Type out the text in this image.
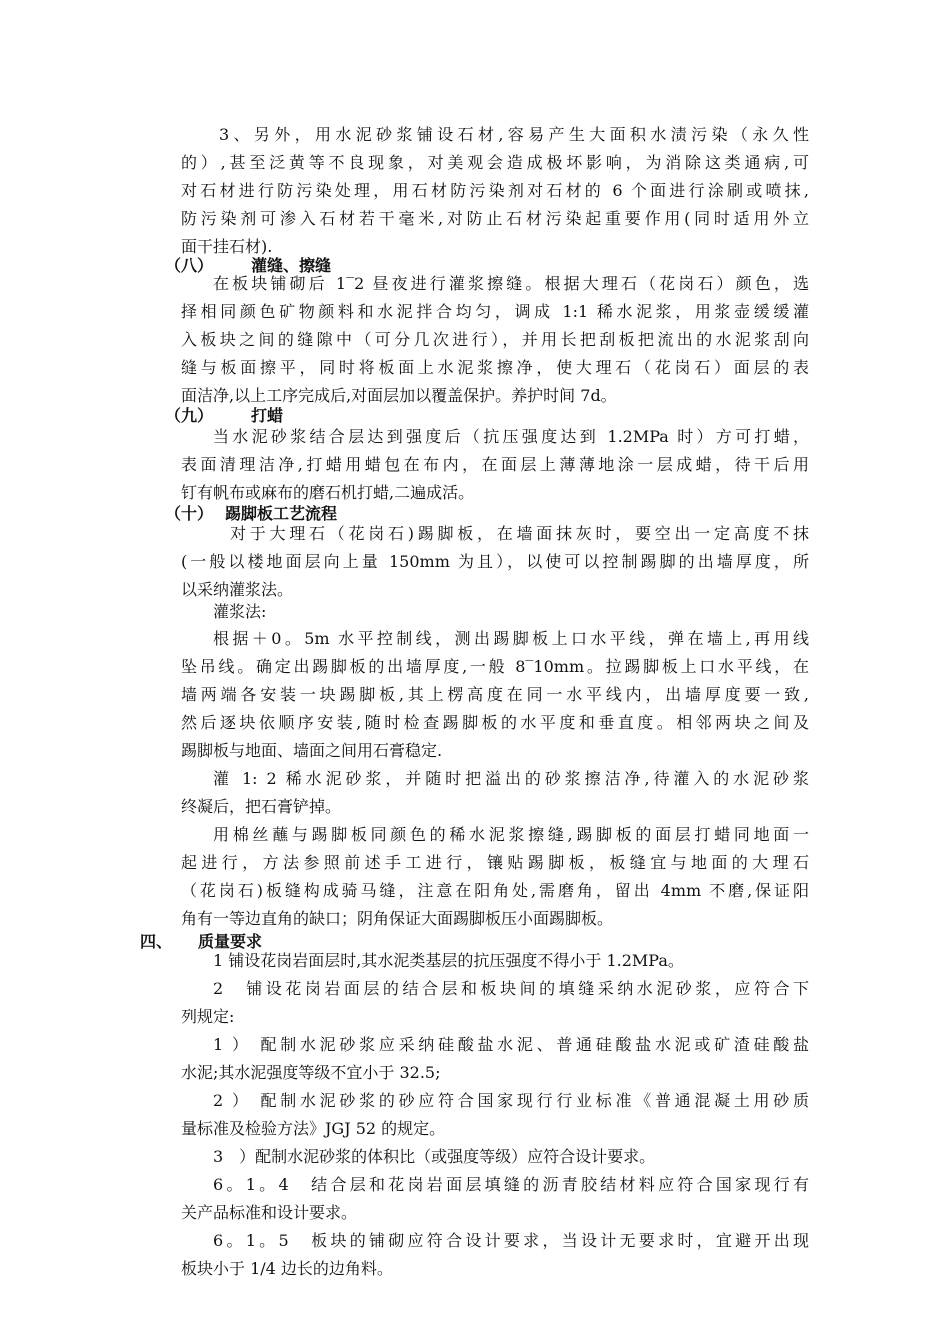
3、另外，用水泥砂浆铺设石材,容易产生大面积水渍污染（永久性
的）,甚至泛黄等不良现象，对美观会造成极坏影响，为消除这类通病,可
对石材进行防污染处理，用石材防污染剂对石材的 6 个面进行涂刷或喷抹,
防污染剂可渗入石材若干毫米,对防止石材污染起重要作用(同时适用外立
面干挂石材).
（八） 灌缝、擦缝
在板块铺砌后 1‾2 昼夜进行灌浆擦缝。根据大理石（花岗石）颜色，选
择相同颜色矿物颜料和水泥拌合均匀，调成 1:1 稀水泥浆，用浆壶缓缓灌
入板块之间的缝隙中（可分几次进行），并用长把刮板把流出的水泥浆刮向
缝与板面擦平，同时将板面上水泥浆擦净，使大理石（花岗石）面层的表
面洁净,以上工序完成后,对面层加以覆盖保护。养护时间 7d。
（九） 打蜡
当水泥砂浆结合层达到强度后（抗压强度达到 1.2MPa 时）方可打蜡，
表面清理洁净,打蜡用蜡包在布内，在面层上薄薄地涂一层成蜡，待干后用
钉有帆布或麻布的磨石机打蜡,二遍成活。
（十） 踢脚板工艺流程
对于大理石（花岗石)踢脚板，在墙面抹灰时，要空出一定高度不抹
(一般以楼地面层向上量 150mm 为且），以使可以控制踢脚的出墙厚度，所
以采纳灌浆法。
灌浆法:
根据＋0。5m 水平控制线，测出踢脚板上口水平线，弹在墙上,再用线
坠吊线。确定出踢脚板的出墙厚度,一般 8‾10mm。拉踢脚板上口水平线，在
墙两端各安装一块踢脚板,其上楞高度在同一水平线内，出墙厚度要一致,
然后逐块依顺序安装,随时检查踢脚板的水平度和垂直度。相邻两块之间及
踢脚板与地面、墙面之间用石膏稳定.
灌 1: 2 稀水泥砂浆，并随时把溢出的砂浆擦洁净,待灌入的水泥砂浆
终凝后，把石膏铲掉。
用棉丝蘸与踢脚板同颜色的稀水泥浆擦缝,踢脚板的面层打蜡同地面一
起进行，方法参照前述手工进行，镶贴踢脚板，板缝宜与地面的大理石
（花岗石)板缝构成骑马缝，注意在阳角处,需磨角，留出 4mm 不磨,保证阳
角有一等边直角的缺口；阴角保证大面踢脚板压小面踢脚板。
四、 质量要求
1 铺设花岗岩面层时,其水泥类基层的抗压强度不得小于 1.2MPa。
2　铺设花岗岩面层的结合层和板块间的填缝采纳水泥砂浆，应符合下
列规定:
1 ） 配制水泥砂浆应采纳硅酸盐水泥、普通硅酸盐水泥或矿渣硅酸盐
水泥;其水泥强度等级不宜小于 32.5;
2 ） 配制水泥砂浆的砂应符合国家现行行业标准《普通混凝土用砂质
量标准及检验方法》JGJ 52 的规定。
3　）配制水泥砂浆的体积比（或强度等级）应符合设计要求。
6。1。4　结合层和花岗岩面层填缝的沥青胶结材料应符合国家现行有
关产品标准和设计要求。
6。1。5　板块的铺砌应符合设计要求，当设计无要求时，宜避开出现
板块小于 1/4 边长的边角料。
